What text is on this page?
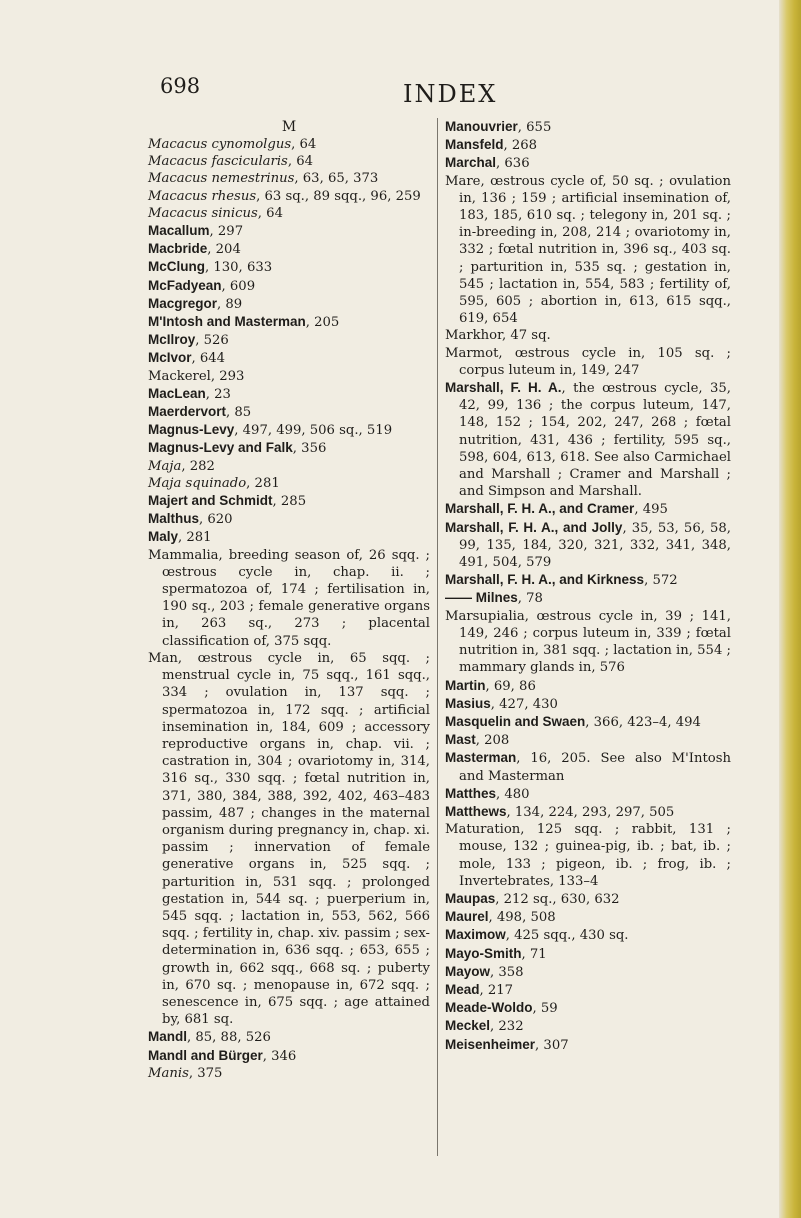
698	INDEX
M
Macacus cynomolgus, 64
Macacus fascicularis, 64
Macacus nemestrinus, 63, 65, 373
Macacus rhesus, 63 sq., 89 sqq., 96, 259
Macacus sinicus, 64
Macallum, 297
Macbride, 204
McClung, 130, 633
McFadyean, 609
Macgregor, 89
M'Intosh and Masterman, 205
McIlroy, 526
McIvor, 644
Mackerel, 293
MacLean, 23
Maerdervort, 85
Magnus-Levy, 497, 499, 506 sq., 519
Magnus-Levy and Falk, 356
Maja, 282
Maja squinado, 281
Majert and Schmidt, 285
Malthus, 620
Maly, 281
Mammalia, breeding season of, 26 sqq. ; œstrous cycle in, chap. ii. ; spermatozoa of, 174 ; fertilisation in, 190 sq., 203 ; female generative organs in, 263 sq., 273 ; placental classification of, 375 sqq.
Man, œstrous cycle in, 65 sqq. ; menstrual cycle in, 75 sqq., 161 sqq., 334 ; ovulation in, 137 sqq. ; spermatozoa in, 172 sqq. ; artificial insemination in, 184, 609 ; accessory reproductive organs in, chap. vii. ; castration in, 304 ; ovariotomy in, 314, 316 sq., 330 sqq. ; fœtal nutrition in, 371, 380, 384, 388, 392, 402, 463–483 passim, 487 ; changes in the maternal organism during pregnancy in, chap. xi. passim ; innervation of female generative organs in, 525 sqq. ; parturition in, 531 sqq. ; prolonged gestation in, 544 sq. ; puerperium in, 545 sqq. ; lactation in, 553, 562, 566 sqq. ; fertility in, chap. xiv. passim ; sex-determination in, 636 sqq. ; 653, 655 ; growth in, 662 sqq., 668 sq. ; puberty in, 670 sq. ; menopause in, 672 sqq. ; senescence in, 675 sqq. ; age attained by, 681 sq.
Mandl, 85, 88, 526
Mandl and Bürger, 346
Manis, 375
Manouvrier, 655
Mansfeld, 268
Marchal, 636
Mare, œstrous cycle of, 50 sq. ; ovulation in, 136 ; 159 ; artificial insemination of, 183, 185, 610 sq. ; telegony in, 201 sq. ; in-breeding in, 208, 214 ; ovariotomy in, 332 ; fœtal nutrition in, 396 sq., 403 sq. ; parturition in, 535 sq. ; gestation in, 545 ; lactation in, 554, 583 ; fertility of, 595, 605 ; abortion in, 613, 615 sqq., 619, 654
Markhor, 47 sq.
Marmot, œstrous cycle in, 105 sq. ; corpus luteum in, 149, 247
Marshall, F. H. A., the œstrous cycle, 35, 42, 99, 136 ; the corpus luteum, 147, 148, 152 ; 154, 202, 247, 268 ; fœtal nutrition, 431, 436 ; fertility, 595 sq., 598, 604, 613, 618. See also Carmichael and Marshall ; Cramer and Marshall ; and Simpson and Marshall.
Marshall, F. H. A., and Cramer, 495
Marshall, F. H. A., and Jolly, 35, 53, 56, 58, 99, 135, 184, 320, 321, 332, 341, 348, 491, 504, 579
Marshall, F. H. A., and Kirkness, 572
—— Milnes, 78
Marsupialia, œstrous cycle in, 39 ; 141, 149, 246 ; corpus luteum in, 339 ; fœtal nutrition in, 381 sqq. ; lactation in, 554 ; mammary glands in, 576
Martin, 69, 86
Masius, 427, 430
Masquelin and Swaen, 366, 423–4, 494
Mast, 208
Masterman, 16, 205. See also M'Intosh and Masterman
Matthes, 480
Matthews, 134, 224, 293, 297, 505
Maturation, 125 sqq. ; rabbit, 131 ; mouse, 132 ; guinea-pig, ib. ; bat, ib. ; mole, 133 ; pigeon, ib. ; frog, ib. ; Invertebrates, 133–4
Maupas, 212 sq., 630, 632
Maurel, 498, 508
Maximow, 425 sqq., 430 sq.
Mayo-Smith, 71
Mayow, 358
Mead, 217
Meade-Woldo, 59
Meckel, 232
Meisenheimer, 307
